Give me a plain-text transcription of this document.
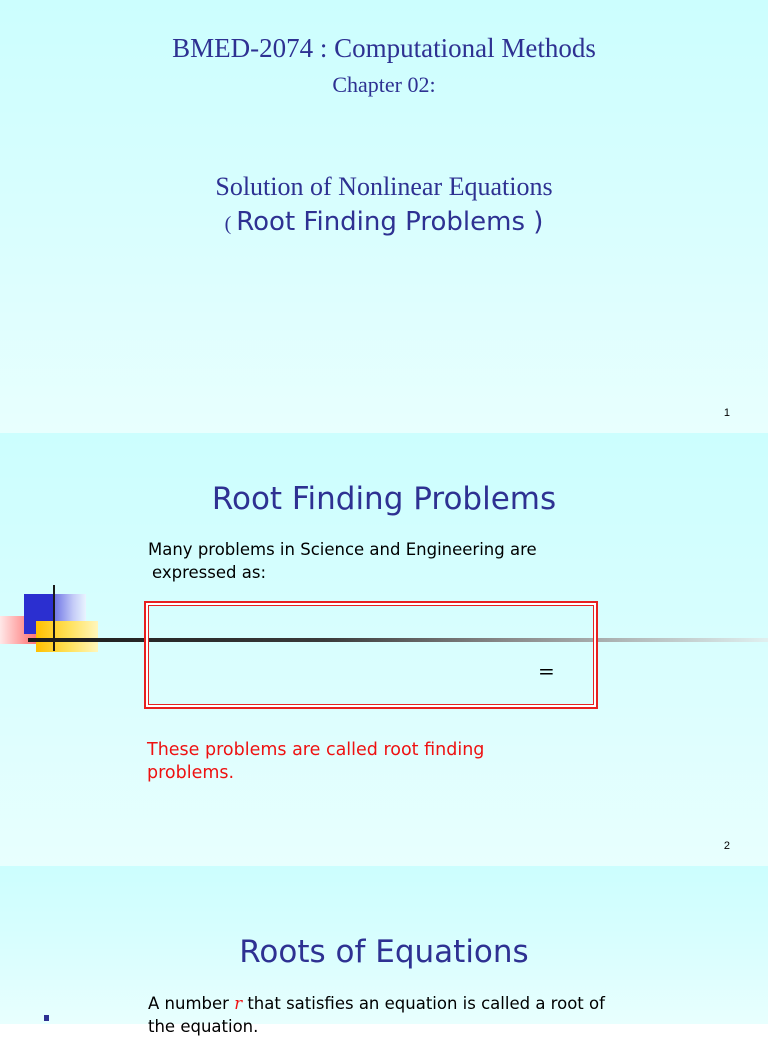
BMED-2074 : Computational Methods
Chapter 02:
Solution of Nonlinear Equations
( Root Finding Problems )
1
Root Finding Problems
Many problems in Science and Engineering are
expressed as:
=
These problems are called root finding
problems.
2
Roots of Equations
A number r that satisfies an equation is called a root of
the equation.
